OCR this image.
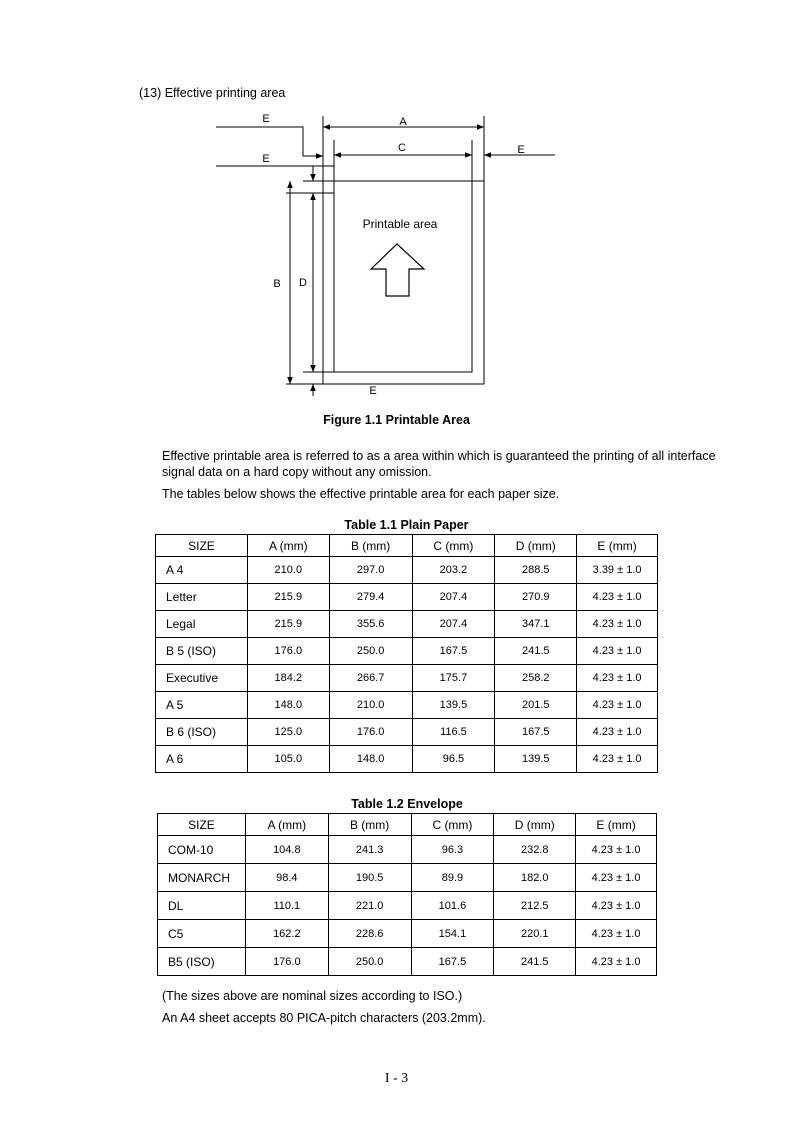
(13) Effective printing area
E	A
C	E
E
B D
E
Printable area
Figure 1.1 Printable Area
Effective printable area is referred to as a area within which is guaranteed the printing of all interface signal data on a hard copy without any omission.
The tables below shows the effective printable area for each paper size.
Table 1.1 Plain Paper
SIZE	A (mm)	B (mm)	C (mm)	D (mm)	E (mm)
A 4	210.0	297.0	203.2	288.5	3.39 ± 1.0
Letter	215.9	279.4	207.4	270.9	4.23 ± 1.0
Legal	215.9	355.6	207.4	347.1	4.23 ± 1.0
B 5 (ISO)	176.0	250.0	167.5	241.5	4.23 ± 1.0
Executive	184.2	266.7	175.7	258.2	4.23 ± 1.0
A 5	148.0	210.0	139.5	201.5	4.23 ± 1.0
B 6 (ISO)	125.0	176.0	116.5	167.5	4.23 ± 1.0
A 6	105.0	148.0	96.5	139.5	4.23 ± 1.0
Table 1.2 Envelope
SIZE	A (mm)	B (mm)	C (mm)	D (mm)	E (mm)
COM-10	104.8	241.3	96.3	232.8	4.23 ± 1.0
MONARCH	98.4	190.5	89.9	182.0	4.23 ± 1.0
DL	110.1	221.0	101.6	212.5	4.23 ± 1.0
C5	162.2	228.6	154.1	220.1	4.23 ± 1.0
B5 (ISO)	176.0	250.0	167.5	241.5	4.23 ± 1.0
(The sizes above are nominal sizes according to ISO.)
An A4 sheet accepts 80 PICA-pitch characters (203.2mm).
I - 3
